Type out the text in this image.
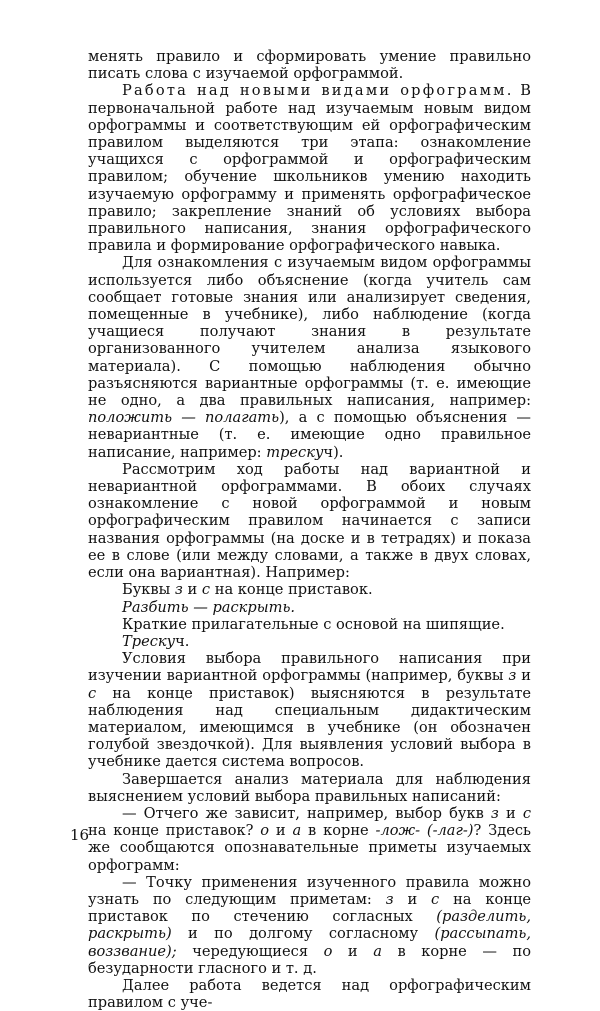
менять правило и сформировать умение правильно писать слова с изучаемой орфограммой.

Работа над новыми видами орфограмм. В первоначальной работе над изучаемым новым видом орфограммы и соответствующим ей орфографическим правилом выделяются три этапа: ознакомление учащихся с орфограммой и орфографическим правилом; обучение школьников умению находить изучаемую орфограмму и применять орфографическое правило; закрепление знаний об условиях выбора правильного написания, знания орфографического правила и формирование орфографического навыка.

Для ознакомления с изучаемым видом орфограммы используется либо объяснение (когда учитель сам сообщает готовые знания или анализирует сведения, помещенные в учебнике), либо наблюдение (когда учащиеся получают знания в результате организованного учителем анализа языкового материала). С помощью наблюдения обычно разъясняются вариантные орфограммы (т. е. имеющие не одно, а два правильных написания, например: положить — полагать), а с помощью объяснения — невариантные (т. е. имеющие одно правильное написание, например: трескуч).

Рассмотрим ход работы над вариантной и невариантной орфограммами. В обоих случаях ознакомление с новой орфограммой и новым орфографическим правилом начинается с записи названия орфограммы (на доске и в тетрадях) и показа ее в слове (или между словами, а также в двух словах, если она вариантная). Например:

Буквы з и с на конце приставок.

Разбить — раскрыть.

Краткие прилагательные с основой на шипящие.

Трескуч.

Условия выбора правильного написания при изучении вариантной орфограммы (например, буквы з и с на конце приставок) выясняются в результате наблюдения над специальным дидактическим материалом, имеющимся в учебнике (он обозначен голубой звездочкой). Для выявления условий выбора в учебнике дается система вопросов.

Завершается анализ материала для наблюдения выяснением условий выбора правильных написаний:

— Отчего же зависит, например, выбор букв з и с на конце приставок? о и а в корне -лож- (-лаг-)? Здесь же сообщаются опознавательные приметы изучаемых орфограмм:

— Точку применения изученного правила можно узнать по следующим приметам: з и с на конце приставок по стечению согласных (разделить, раскрыть) и по долгому согласному (рассыпать, воззвание); чередующиеся о и а в корне — по безударности гласного и т. д.

Далее работа ведется над орфографическим правилом с уче-

16
